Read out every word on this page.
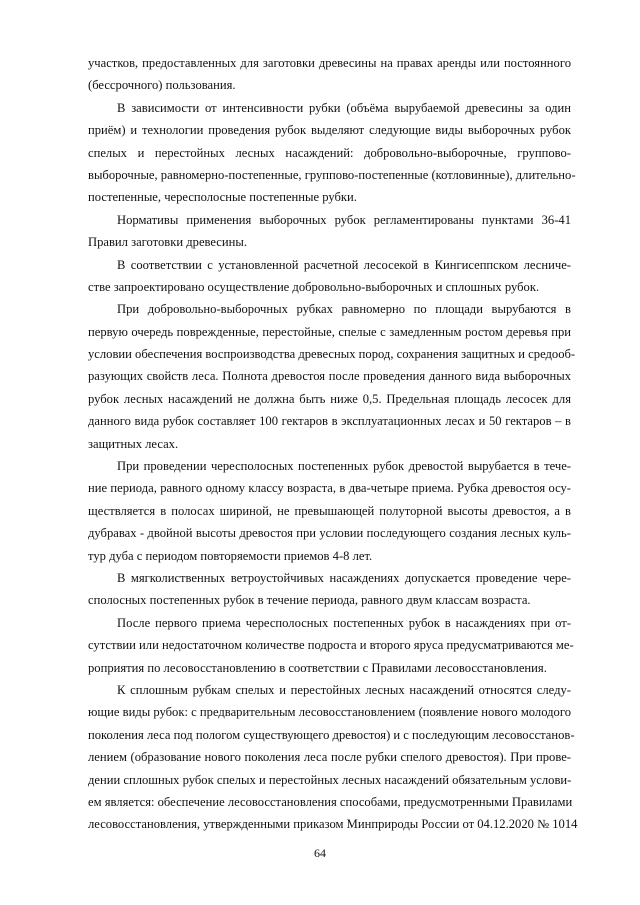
участков, предоставленных для заготовки древесины на правах аренды или постоянного
(бессрочного) пользования.
В зависимости от интенсивности рубки (объёма вырубаемой древесины за один
приём) и технологии проведения рубок выделяют следующие виды выборочных рубок
спелых и перестойных лесных насаждений: добровольно-выборочные, группово-
выборочные, равномерно-постепенные, группово-постепенные (котловинные), длительно-
постепенные, чересполосные постепенные рубки.
Нормативы применения выборочных рубок регламентированы пунктами 36-41
Правил заготовки древесины.
В соответствии с установленной расчетной лесосекой в Кингисеппском лесниче-
стве запроектировано осуществление добровольно-выборочных и сплошных рубок.
При добровольно-выборочных рубках равномерно по площади вырубаются в
первую очередь поврежденные, перестойные, спелые с замедленным ростом деревья при
условии обеспечения воспроизводства древесных пород, сохранения защитных и средооб-
разующих свойств леса. Полнота древостоя после проведения данного вида выборочных
рубок лесных насаждений не должна быть ниже 0,5. Предельная площадь лесосек для
данного вида рубок составляет 100 гектаров в эксплуатационных лесах и 50 гектаров – в
защитных лесах.
При проведении чересполосных постепенных рубок древостой вырубается в тече-
ние периода, равного одному классу возраста, в два-четыре приема. Рубка древостоя осу-
ществляется в полосах шириной, не превышающей полуторной высоты древостоя, а в
дубравах - двойной высоты древостоя при условии последующего создания лесных куль-
тур дуба с периодом повторяемости приемов 4-8 лет.
В мягколиственных ветроустойчивых насаждениях допускается проведение чере-
сполосных постепенных рубок в течение периода, равного двум классам возраста.
После первого приема чересполосных постепенных рубок в насаждениях при от-
сутствии или недостаточном количестве подроста и второго яруса предусматриваются ме-
роприятия по лесовосстановлению в соответствии с Правилами лесовосстановления.
К сплошным рубкам спелых и перестойных лесных насаждений относятся следу-
ющие виды рубок: с предварительным лесовосстановлением (появление нового молодого
поколения леса под пологом существующего древостоя) и с последующим лесовосстанов-
лением (образование нового поколения леса после рубки спелого древостоя). При прове-
дении сплошных рубок спелых и перестойных лесных насаждений обязательным услови-
ем является: обеспечение лесовосстановления способами, предусмотренными Правилами
лесовосстановления, утвержденными приказом Минприроды России от 04.12.2020 № 1014
64
